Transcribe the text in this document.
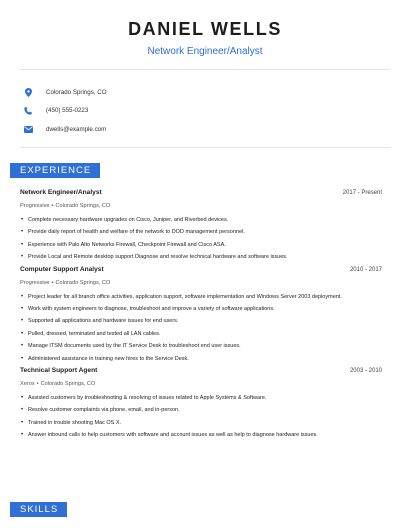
DANIEL WELLS
Network Engineer/Analyst
Colorado Springs, CO
(450) 555-0223
dwells@example.com
EXPERIENCE
Network Engineer/Analyst	2017 - Present
Progressive • Colorado Springs, CO
• Complete necessary hardware upgrades on Cisco, Juniper, and Riverbed devices.
• Provide daily report of health and welfare of the network to DOD management personnel.
• Experience with Palo Alto Networks Firewall, Checkpoint Firewall and Cisco ASA.
• Provide Local and Remote desktop support Diagnose and resolve technical hardware and software issues.
Computer Support Analyst	2010 - 2017
Progressive • Colorado Springs, CO
• Project leader for all branch office activities, application support, software implementation and Windows Server 2003 deployment.
• Work with system engineers to diagnose, troubleshoot and improve a variety of software applications.
• Supported all applications and hardware issues for end users.
• Pulled, dressed, terminated and tested all LAN cables.
• Manage ITSM documents used by the IT Service Desk to troubleshoot end user issues.
• Administered assistance in training new hires to the Service Desk.
Technical Support Agent	2003 - 2010
Xerox • Colorado Springs, CO
• Assisted customers by troubleshooting & resolving of issues related to Apple Systems & Software.
• Resolve customer complaints via phone, email, and in-person.
• Trained in trouble shooting Mac OS X.
• Answer inbound calls to help customers with software and account issues as well as help to diagnose hardware issues.
SKILLS
